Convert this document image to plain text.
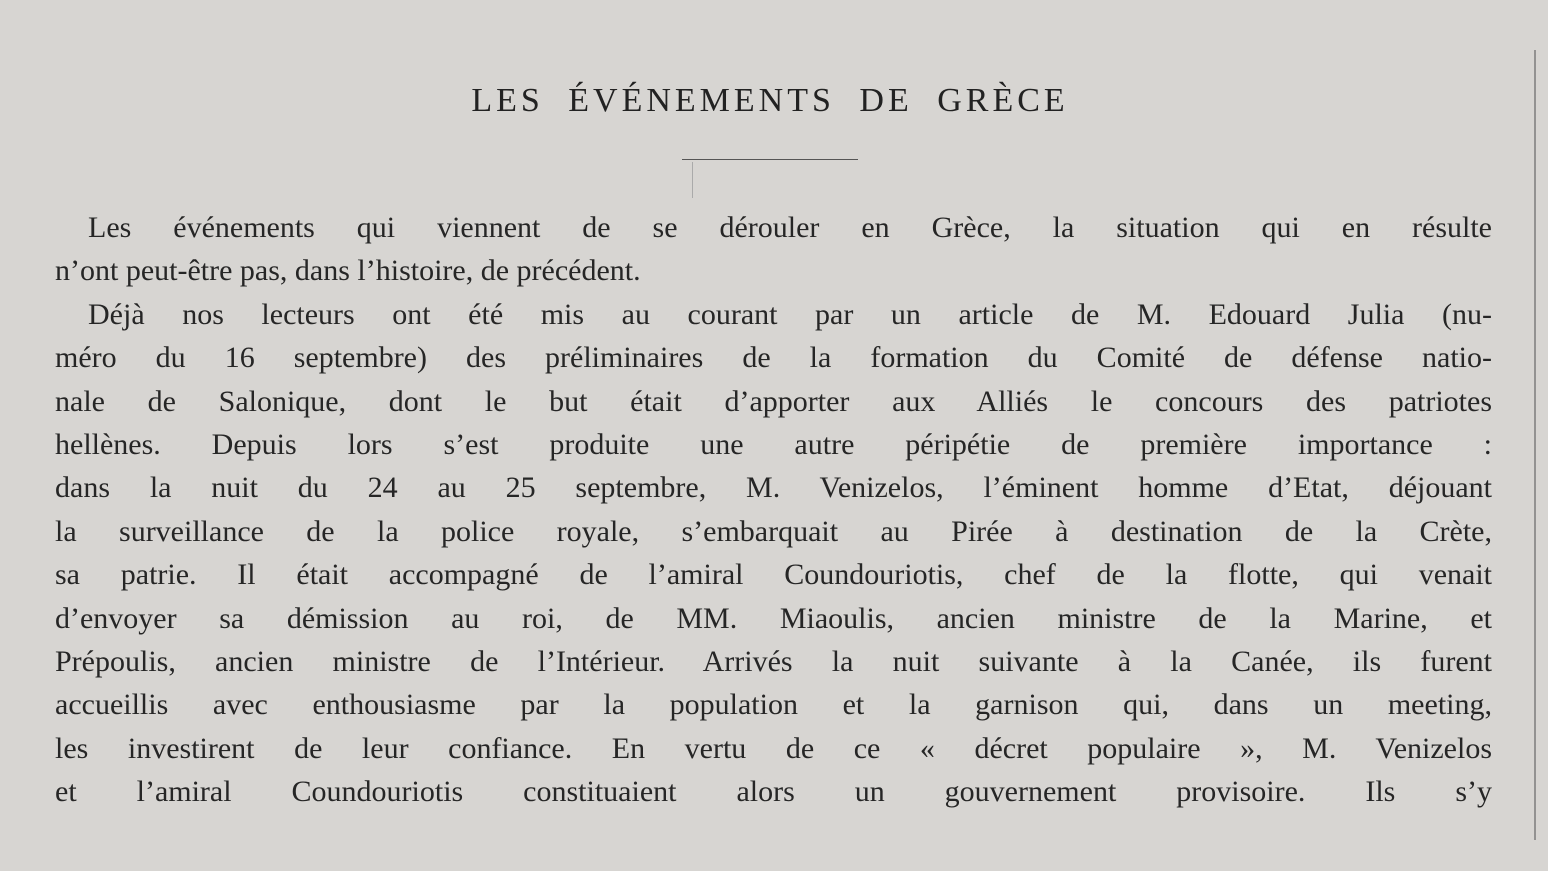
LES ÉVÉNEMENTS DE GRÈCE
Les événements qui viennent de se dérouler en Grèce, la situation qui en résulte
n’ont peut-être pas, dans l’histoire, de précédent.
Déjà nos lecteurs ont été mis au courant par un article de M. Edouard Julia (nu-
méro du 16 septembre) des préliminaires de la formation du Comité de défense natio-
nale de Salonique, dont le but était d’apporter aux Alliés le concours des patriotes
hellènes. Depuis lors s’est produite une autre péripétie de première importance :
dans la nuit du 24 au 25 septembre, M. Venizelos, l’éminent homme d’Etat, déjouant
la surveillance de la police royale, s’embarquait au Pirée à destination de la Crète,
sa patrie. Il était accompagné de l’amiral Coundouriotis, chef de la flotte, qui venait
d’envoyer sa démission au roi, de MM. Miaoulis, ancien ministre de la Marine, et
Prépoulis, ancien ministre de l’Intérieur. Arrivés la nuit suivante à la Canée, ils furent
accueillis avec enthousiasme par la population et la garnison qui, dans un meeting,
les investirent de leur confiance. En vertu de ce « décret populaire », M. Venizelos
et l’amiral Coundouriotis constituaient alors un gouvernement provisoire. Ils s’y
